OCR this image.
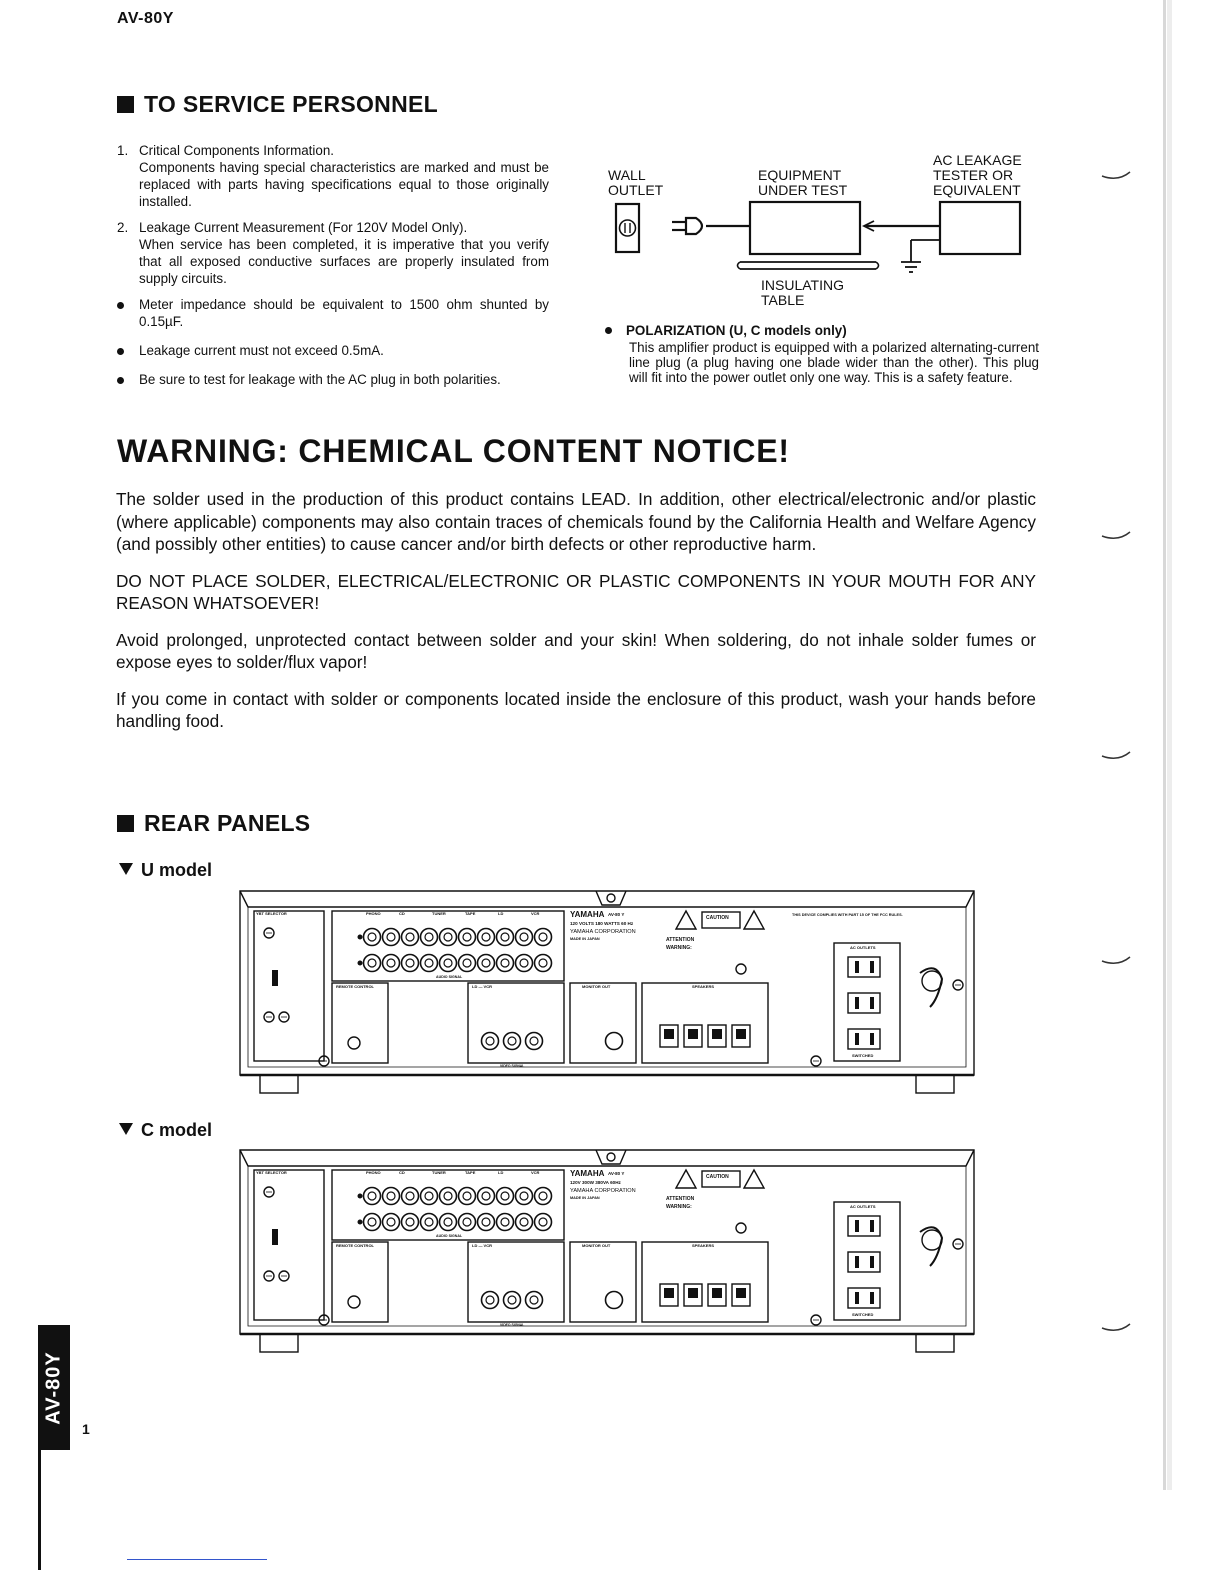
AV-80Y
TO SERVICE PERSONNEL
1. Critical Components Information.

Components having special characteristics are marked and must be replaced with parts having specifications equal to those originally installed.

2. Leakage Current Measurement (For 120V Model Only).

When service has been completed, it is imperative that you verify that all exposed conductive surfaces are properly insulated from supply circuits.

Meter impedance should be equivalent to 1500 ohm shunted by 0.15µF.

Leakage current must not exceed 0.5mA.

Be sure to test for leakage with the AC plug in both polarities.

WALL
OUTLET
EQUIPMENT
UNDER TEST
AC LEAKAGE
TESTER OR
EQUIVALENT
INSULATING
TABLE
POLARIZATION (U, C models only)

This amplifier product is equipped with a polarized alternating-current line plug (a plug having one blade wider than the other). This plug will fit into the power outlet only one way. This is a safety feature.

WARNING: CHEMICAL CONTENT NOTICE!

The solder used in the production of this product contains LEAD. In addition, other electrical/electronic and/or plastic (where applicable) components may also contain traces of chemicals found by the California Health and Welfare Agency (and possibly other entities) to cause cancer and/or birth defects or other reproductive harm.

DO NOT PLACE SOLDER, ELECTRICAL/ELECTRONIC OR PLASTIC COMPONENTS IN YOUR MOUTH FOR ANY REASON WHATSOEVER!

Avoid prolonged, unprotected contact between solder and your skin! When soldering, do not inhale solder fumes or expose eyes to solder/flux vapor!

If you come in contact with solder or components located inside the enclosure of this product, wash your hands before handling food.

REAR PANELS
U model
C model
YBT SELECTOR	PHONO	CD	TUNER	TAPE	LD	VCR
AUDIO SIGNAL
REMOTE CONTROL	LD — VCR
VIDEO SIGNAL
MONITOR OUT	SPEAKERS
YAMAHA AV-80 Y
120 VOLTS 180 WATTS 60 Hz
YAMAHA CORPORATION
MADE IN JAPAN
CAUTION
ATTENTION
WARNING:
THIS DEVICE COMPLIES WITH PART 15 OF THE FCC RULES.
AC OUTLETS
SWITCHED
YBT SELECTOR	PHONO	CD	TUNER	TAPE	LD	VCR
AUDIO SIGNAL
REMOTE CONTROL	LD — VCR
VIDEO SIGNAL
MONITOR OUT	SPEAKERS
YAMAHA AV-80 Y
120V 300W 380VA 60Hz
YAMAHA CORPORATION
MADE IN JAPAN
CAUTION
ATTENTION
WARNING:	AC OUTLETS
SWITCHED
AV-80Y
1
